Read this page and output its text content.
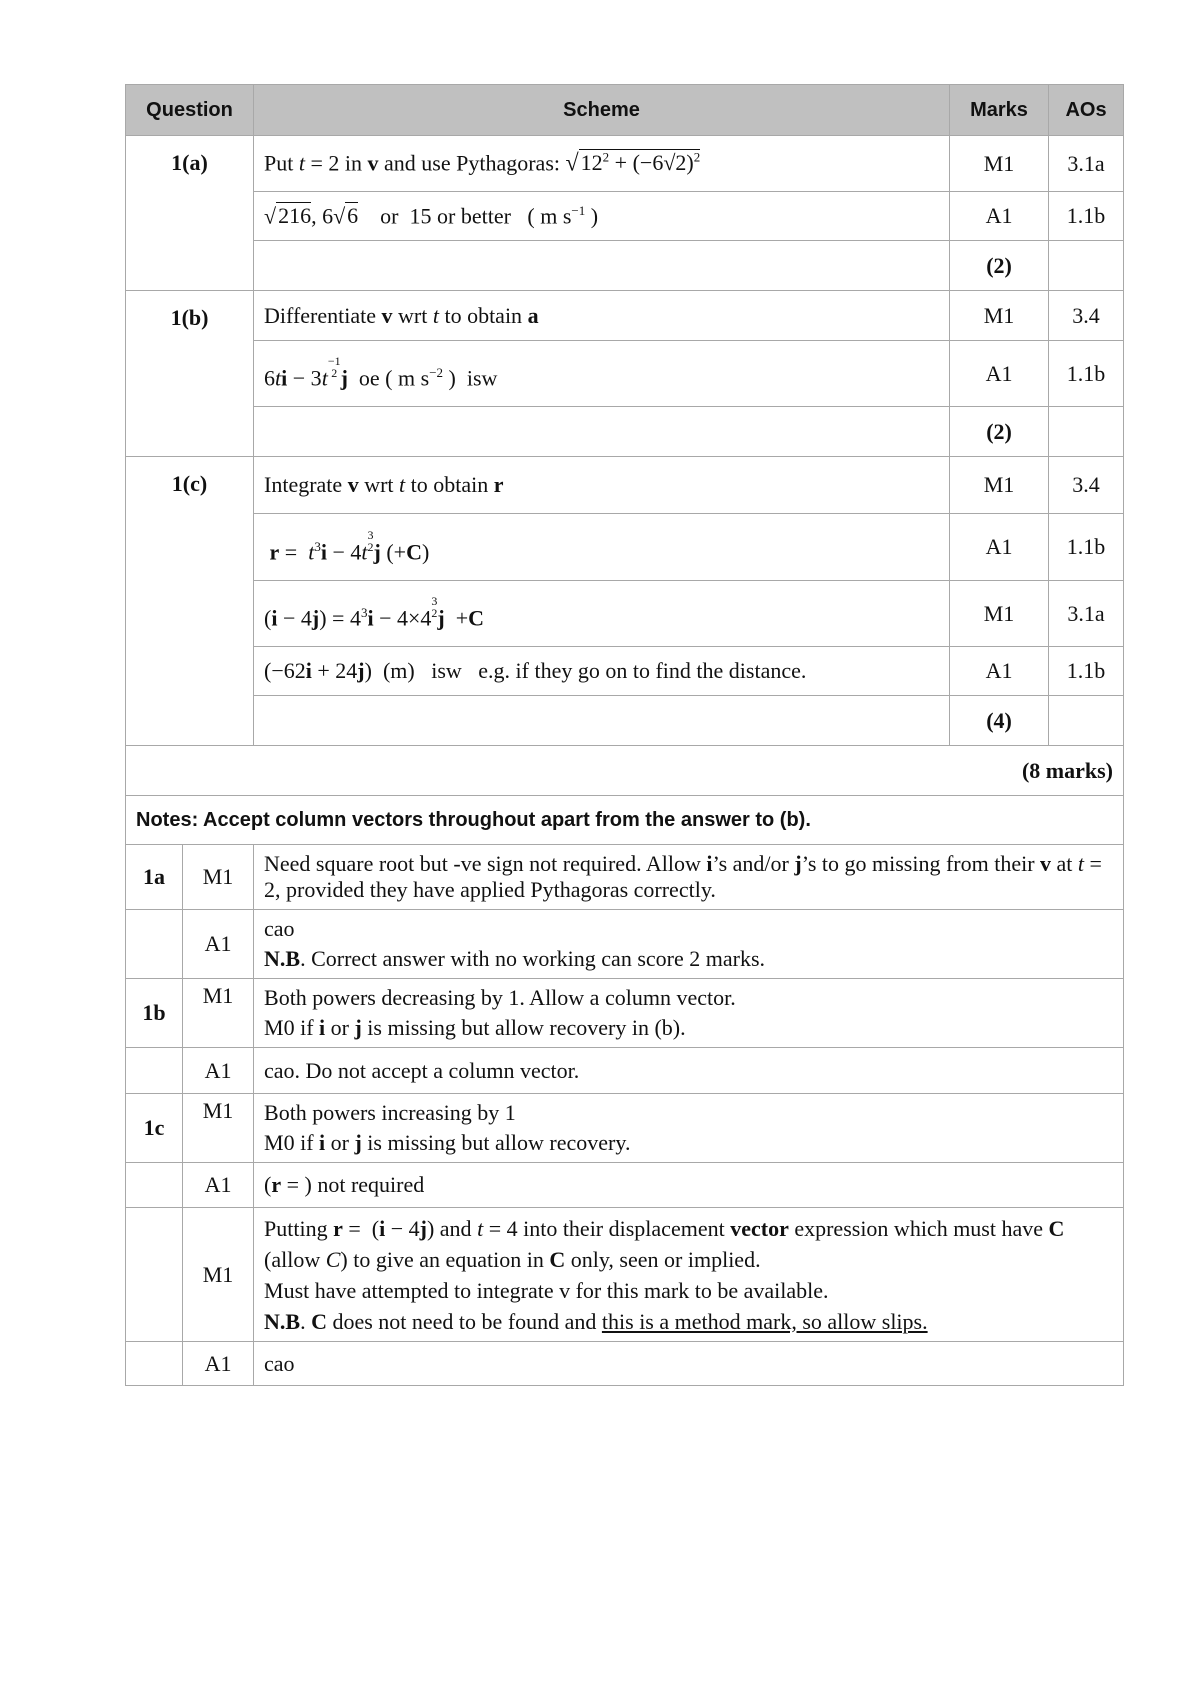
Question		Scheme	Marks	AOs
1(a)		Put t = 2 in v and use Pythagoras: $√12^2 + (-6√2)^2$	M1	3.1a
		√216, 6√6    or  15 or better   ( m $s^{-1}$ )	A1	1.1b
			(2)	
1(b)		Differentiate v wrt t to obtain a	M1	3.4
		6ti − 3t
−1
2 j  oe ( m $s^{-2}$ )  isw	A1	1.1b
			(2)	
1(c)		Integrate v wrt t to obtain r	M1	3.4
		$r = t^3i - 4t$
3
2 j (+C)	A1	1.1b
		$(i - 4j) = 4^3i - 4\times 4$
3
2 j  +C	M1	3.1a
		(−62i + 24j)  (m)   isw   e.g. if they go on to find the distance.	A1	1.1b
			(4)	
(8 marks)				
Notes: Accept column vectors throughout apart from the answer to (b).				
1a	M1	Need square root but -ve sign not required. Allow i’s and/or j’s to go missing from their v at t = 2, provided they have applied Pythagoras correctly.		
	A1	cao
N.B. Correct answer with no working can score 2 marks.		
1b	M1	Both powers decreasing by 1. Allow a column vector.
M0 if i or j is missing but allow recovery in (b).		
	A1	cao. Do not accept a column vector.		
1c	M1	Both powers increasing by 1
M0 if i or j is missing but allow recovery.		
	A1	(r = ) not required		
	M1	Putting r =  (i − 4j) and t = 4 into their displacement vector expression which must have C (allow C) to give an equation in C only, seen or implied.
Must have attempted to integrate v for this mark to be available.
N.B. C does not need to be found and this is a method mark, so allow slips.		
	A1	cao		
